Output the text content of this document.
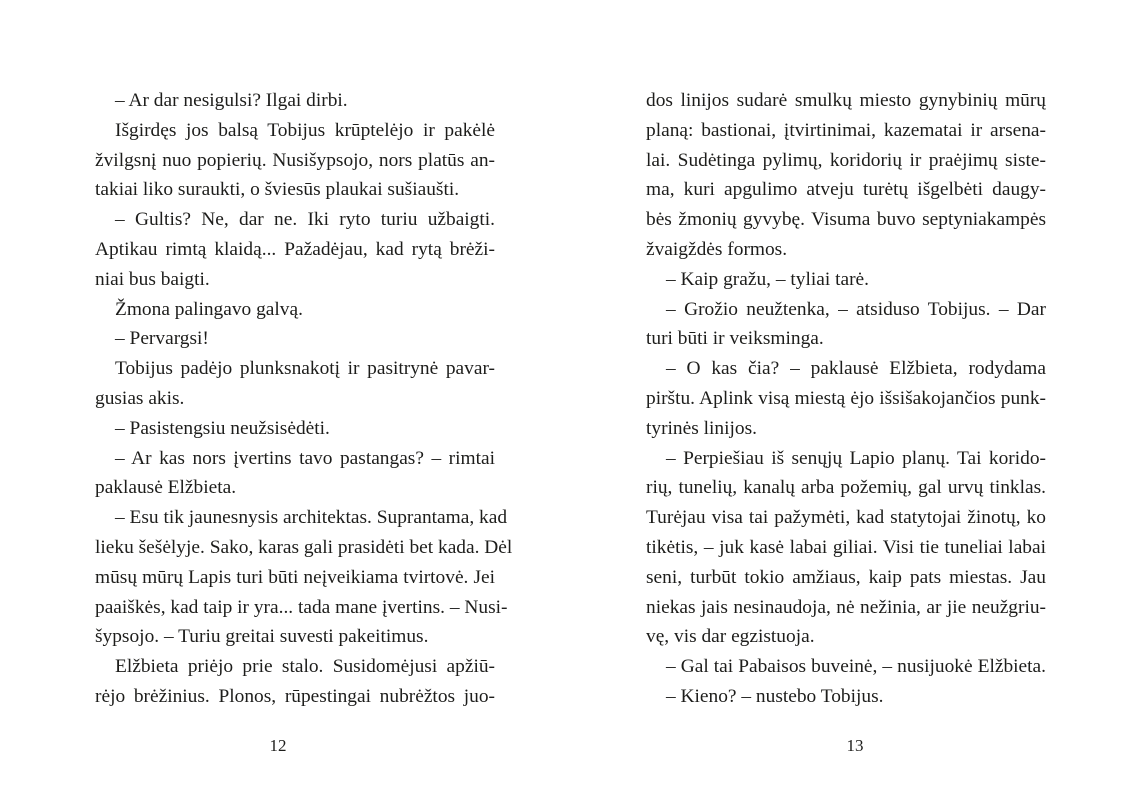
– Ar dar nesigulsi? Ilgai dirbi.
Išgirdęs jos balsą Tobijus krūptelėjo ir pakėlė
žvilgsnį nuo popierių. Nusišypsojo, nors platūs an-
takiai liko suraukti, o šviesūs plaukai sušiaušti.
– Gultis? Ne, dar ne. Iki ryto turiu užbaigti.
Aptikau rimtą klaidą... Pažadėjau, kad rytą brėži-
niai bus baigti.
Žmona palingavo galvą.
– Pervargsi!
Tobijus padėjo plunksnakotį ir pasitrynė pavar-
gusias akis.
– Pasistengsiu neužsisėdėti.
– Ar kas nors įvertins tavo pastangas? – rimtai
paklausė Elžbieta.
– Esu tik jaunesnysis architektas. Suprantama, kad
lieku šešėlyje. Sako, karas gali prasidėti bet kada. Dėl
mūsų mūrų Lapis turi būti neįveikiama tvirtovė. Jei
paaiškės, kad taip ir yra... tada mane įvertins. – Nusi-
šypsojo. – Turiu greitai suvesti pakeitimus.
Elžbieta priėjo prie stalo. Susidomėjusi apžiū-
rėjo brėžinius. Plonos, rūpestingai nubrėžtos juo-
12
dos linijos sudarė smulkų miesto gynybinių mūrų
planą: bastionai, įtvirtinimai, kazematai ir arsena-
lai. Sudėtinga pylimų, koridorių ir praėjimų siste-
ma, kuri apgulimo atveju turėtų išgelbėti daugy-
bės žmonių gyvybę. Visuma buvo septyniakampės
žvaigždės formos.
– Kaip gražu, – tyliai tarė.
– Grožio neužtenka, – atsiduso Tobijus. – Dar
turi būti ir veiksminga.
– O kas čia? – paklausė Elžbieta, rodydama
pirštu. Aplink visą miestą ėjo išsišakojančios punk-
tyrinės linijos.
– Perpiešiau iš senųjų Lapio planų. Tai korido-
rių, tunelių, kanalų arba požemių, gal urvų tinklas.
Turėjau visa tai pažymėti, kad statytojai žinotų, ko
tikėtis, – juk kasė labai giliai. Visi tie tuneliai labai
seni, turbūt tokio amžiaus, kaip pats miestas. Jau
niekas jais nesinaudoja, nė nežinia, ar jie neužgriu-
vę, vis dar egzistuoja.
– Gal tai Pabaisos buveinė, – nusijuokė Elžbieta.
– Kieno? – nustebo Tobijus.
13
